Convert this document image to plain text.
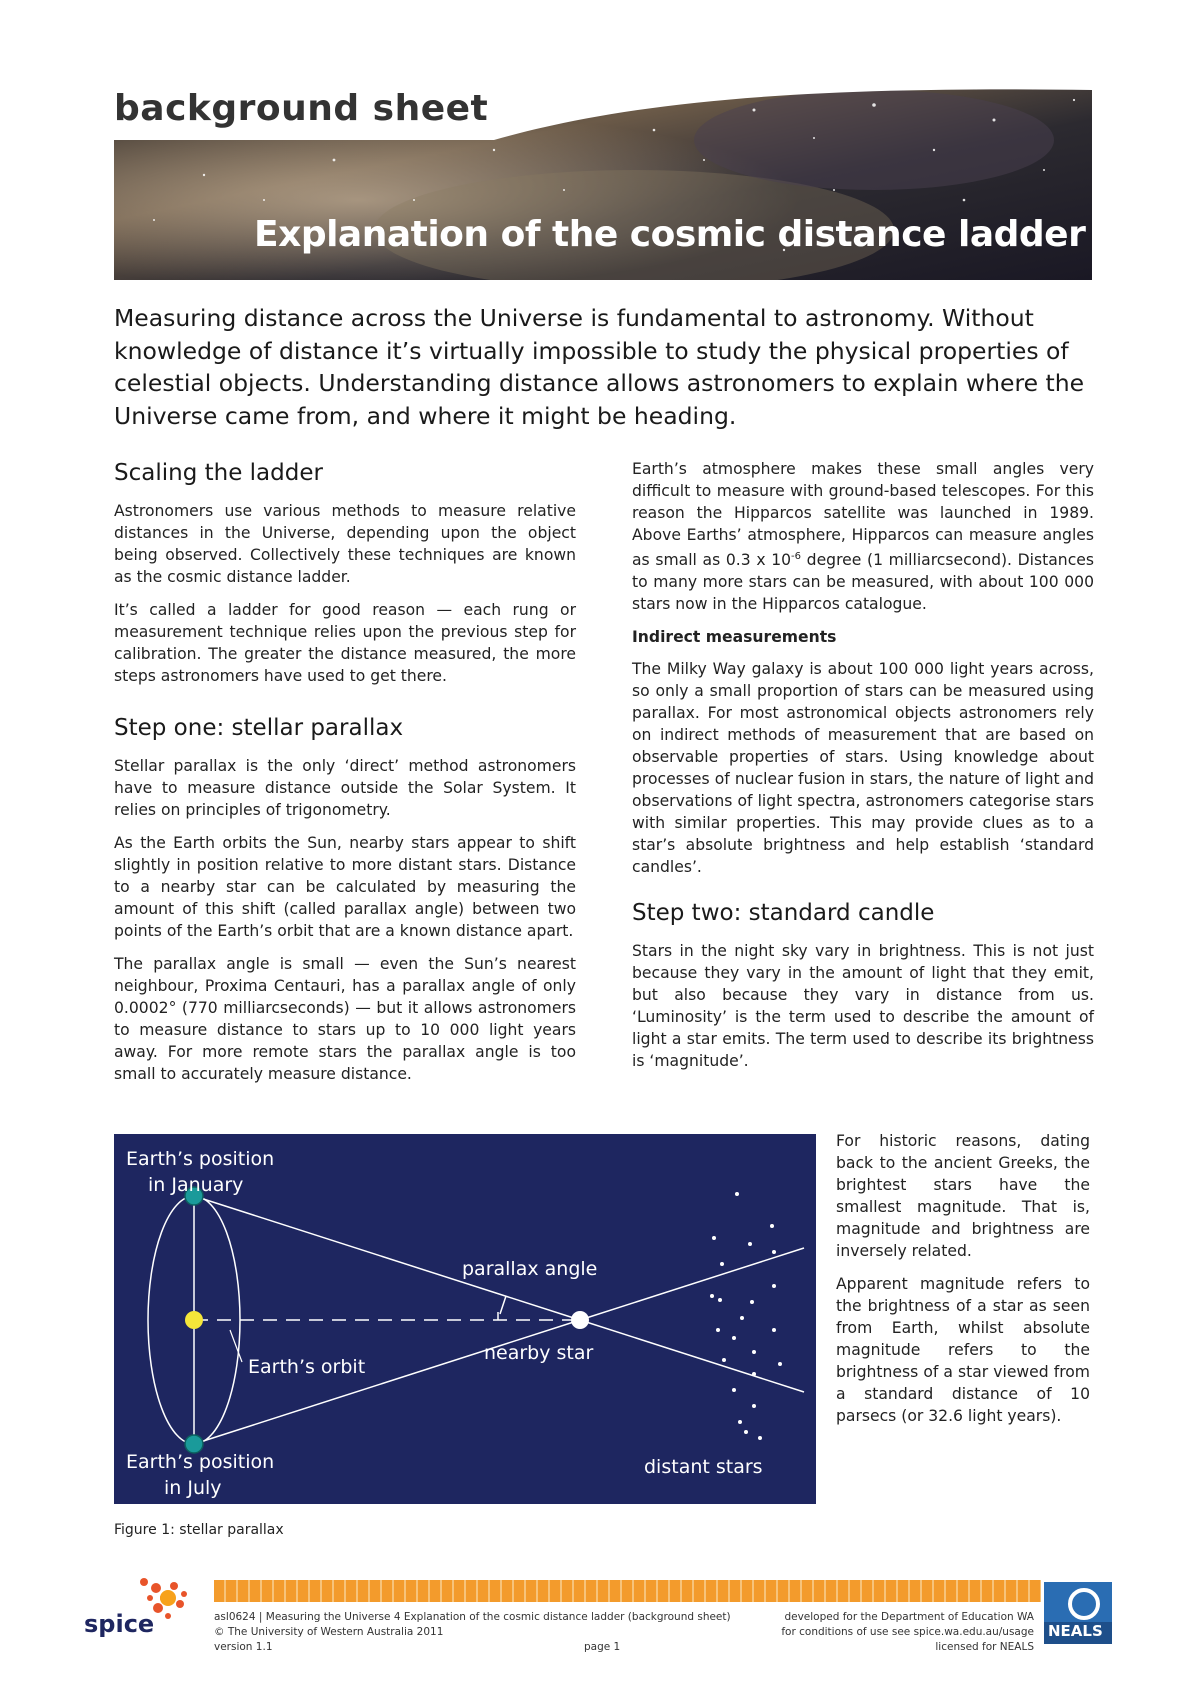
Explanation of the cosmic distance ladder
background sheet
Measuring distance across the Universe is fundamental to astronomy. Without knowledge of distance it’s virtually impossible to study the physical properties of celestial objects. Understanding distance allows astronomers to explain where the Universe came from, and where it might be heading.
Scaling the ladder

Astronomers use various methods to measure relative distances in the Universe, depending upon the object being observed. Collectively these techniques are known as the cosmic distance ladder.

It’s called a ladder for good reason — each rung or measurement technique relies upon the previous step for calibration. The greater the distance measured, the more steps astronomers have used to get there.

Step one: stellar parallax

Stellar parallax is the only ‘direct’ method astronomers have to measure distance outside the Solar System. It relies on principles of trigonometry.

As the Earth orbits the Sun, nearby stars appear to shift slightly in position relative to more distant stars. Distance to a nearby star can be calculated by measuring the amount of this shift (called parallax angle) between two points of the Earth’s orbit that are a known distance apart.

The parallax angle is small — even the Sun’s nearest neighbour, Proxima Centauri, has a parallax angle of only 0.0002° (770 milliarcseconds) — but it allows astronomers to measure distance to stars up to 10 000 light years away. For more remote stars the parallax angle is too small to accurately measure distance.

Earth’s atmosphere makes these small angles very difficult to measure with ground-based telescopes. For this reason the Hipparcos satellite was launched in 1989. Above Earths’ atmosphere, Hipparcos can measure angles as small as 0.3 x $10^{-6}$ degree (1 milliarcsecond). Distances to many more stars can be measured, with about 100 000 stars now in the Hipparcos catalogue.

Indirect measurements

The Milky Way galaxy is about 100 000 light years across, so only a small proportion of stars can be measured using parallax. For most astronomical objects astronomers rely on indirect methods of measurement that are based on observable properties of stars. Using knowledge about processes of nuclear fusion in stars, the nature of light and observations of light spectra, astronomers categorise stars with similar properties. This may provide clues as to a star’s absolute brightness and help establish ‘standard candles’.

Step two: standard candle

Stars in the night sky vary in brightness. This is not just because they vary in the amount of light that they emit, but also because they vary in distance from us. ‘Luminosity’ is the term used to describe the amount of light a star emits. The term used to describe its brightness is ‘magnitude’.

For historic reasons, dating back to the ancient Greeks, the brightest stars have the smallest magnitude. That is, magnitude and brightness are inversely related.

Apparent magnitude refers to the brightness of a star as seen from Earth, whilst absolute magnitude refers to the brightness of a star viewed from a standard distance of 10 parsecs (or 32.6 light years).

Earth’s position
in January
Earth’s position
in July
Earth’s orbit
parallax angle
nearby star
distant stars
Figure 1: stellar parallax
spice	asl0624 | Measuring the Universe 4 Explanation of the cosmic distance ladder (background sheet)
© The University of Western Australia 2011
version 1.1	page 1
developed for the Department of Education WA
for conditions of use see spice.wa.edu.au/usage
licensed for NEALS
NEALS
